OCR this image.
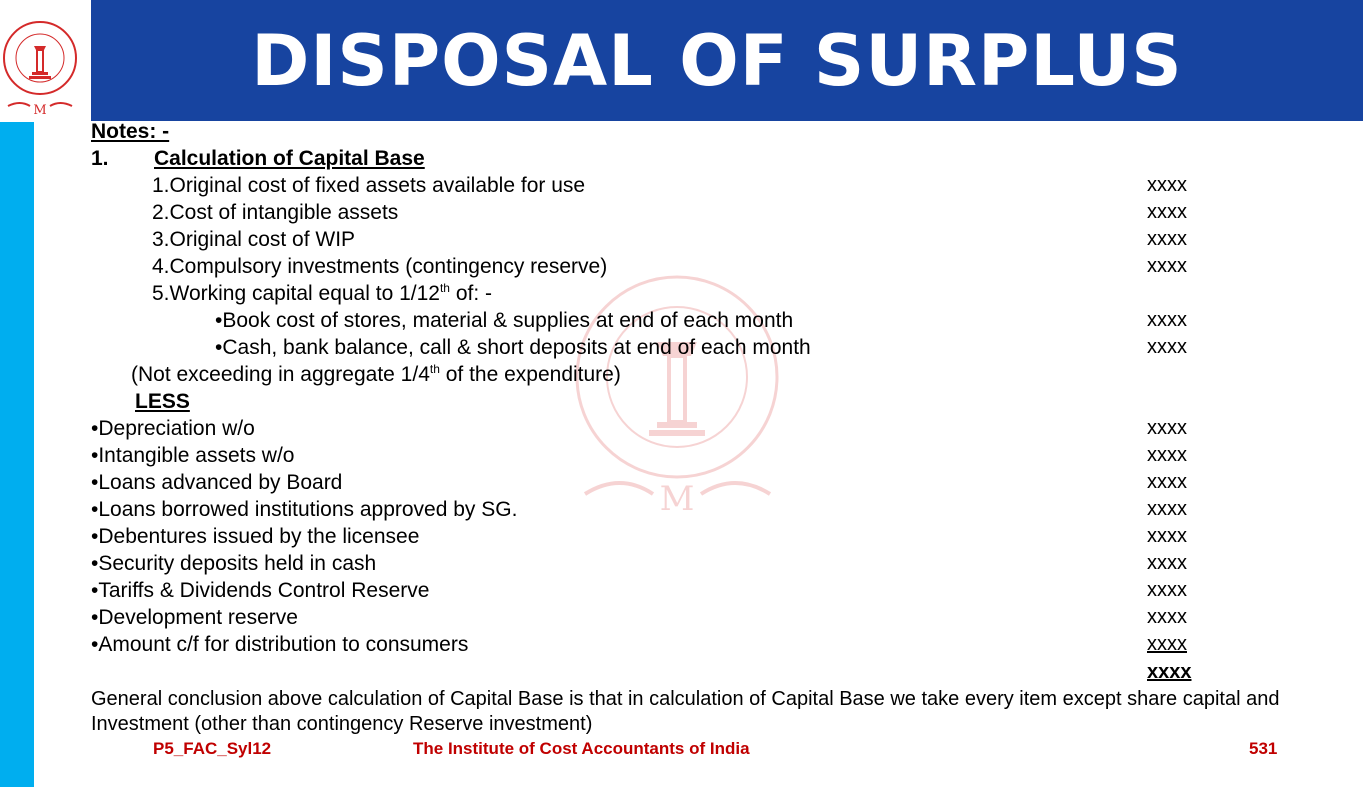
DISPOSAL OF SURPLUS
M
M
Notes: -
1. Calculation of Capital Base
1.Original cost of fixed assets available for use	xxxx
2.Cost of intangible assets	xxxx
3.Original cost of WIP	xxxx
4.Compulsory investments (contingency reserve)	xxxx
5.Working capital equal to 1/12th of: -
•Book cost of stores, material & supplies at end of each month	xxxx
•Cash, bank balance, call & short deposits at end of each month	xxxx
(Not exceeding in aggregate 1/4th of the expenditure)
LESS
•Depreciation w/o	xxxx
•Intangible assets w/o	xxxx
•Loans advanced by Board	xxxx
•Loans borrowed institutions approved by SG.	xxxx
•Debentures issued by the licensee	xxxx
•Security deposits held in cash	xxxx
•Tariffs & Dividends Control Reserve	xxxx
•Development reserve	xxxx
•Amount c/f for distribution to consumers	xxxx
xxxx
General conclusion above calculation of Capital Base is that in calculation of Capital Base we take every item except share capital and Investment (other than contingency Reserve investment)
P5_FAC_Syl12	The Institute of Cost Accountants of India	531
